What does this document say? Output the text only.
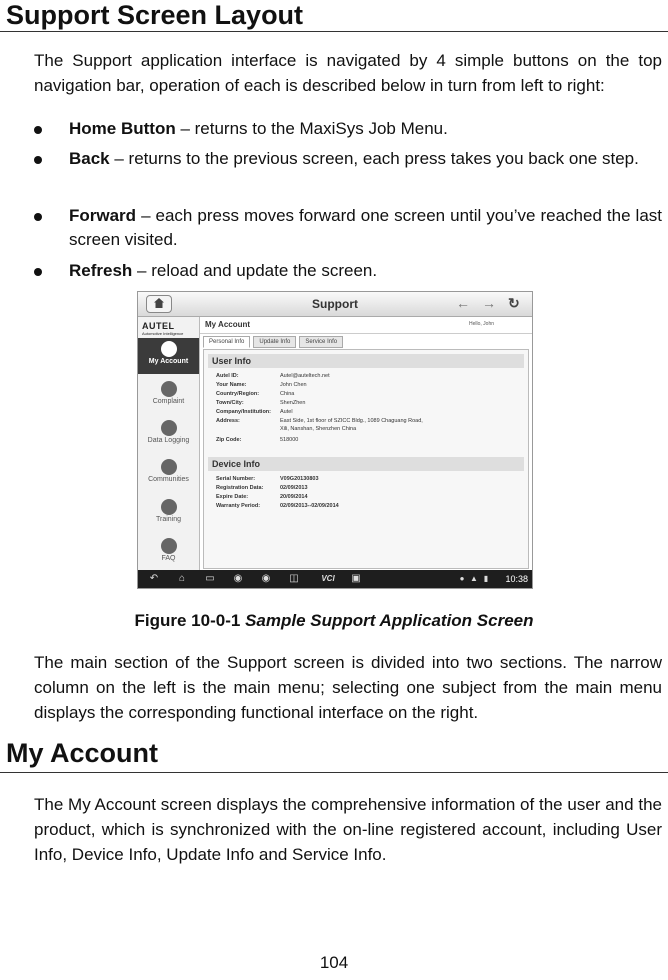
Support Screen Layout
The Support application interface is navigated by 4 simple buttons on the top navigation bar, operation of each is described below in turn from left to right:
Home Button – returns to the MaxiSys Job Menu.
Back – returns to the previous screen, each press takes you back one step.
Forward – each press moves forward one screen until you’ve reached the last screen visited.
Refresh – reload and update the screen.
Support	← → ↻
AUTEL
Automotive Intelligence
My Account
Complaint
Data Logging
Communities
Training
FAQ
My Account	Hello, John
Personal Info	Update Info	Service Info
User Info
Autel ID:	Autel@auteltech.net
Your Name:	John Chen
Country/Region:	China
Town/City:	ShenZhen
Company/Institution: Autel
Address:	East Side, 1st floor of SZICC Bldg., 1089 Chaguang Road,
Xili, Nanshan, Shenzhen China
Zip Code:	518000
Device Info
Serial Number:	V09G20130803
Registration Data:	02/09/2013
Expire Date:	20/09/2014
Warranty Period:	02/09/2013--02/09/2014
↶ ⌂ ▭ ◉ ◉ ◫	VCI	▣	● ▲ ▮	10:38
Figure 10-0-1 Sample Support Application Screen
The main section of the Support screen is divided into two sections. The narrow column on the left is the main menu; selecting one subject from the main menu displays the corresponding functional interface on the right.
My Account
The My Account screen displays the comprehensive information of the user and the product, which is synchronized with the on-line registered account, including User Info, Device Info, Update Info and Service Info.
104
